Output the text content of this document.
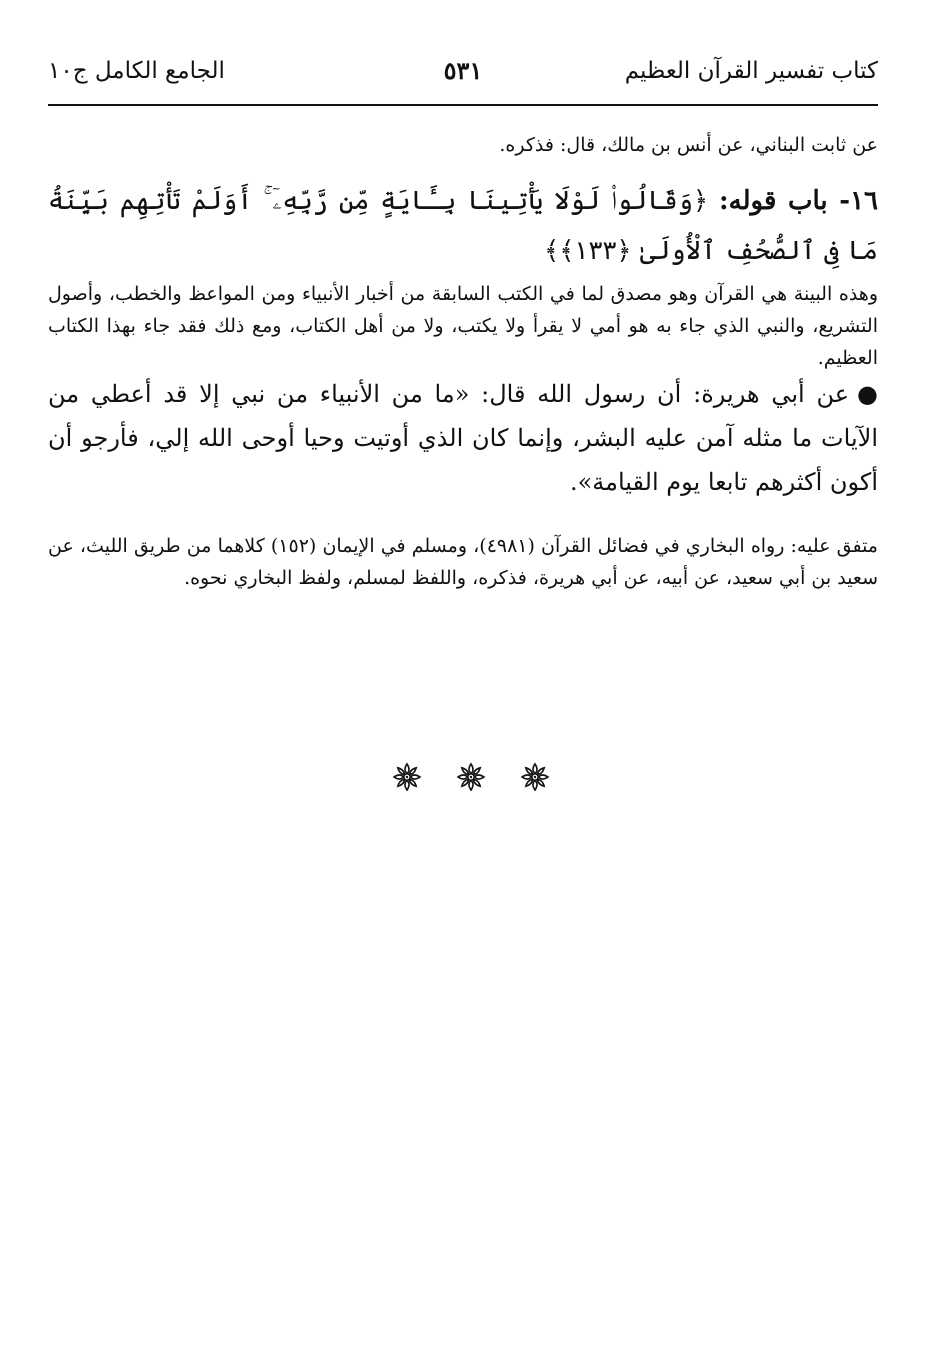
كتاب تفسير القرآن العظيم
٥٣١
الجامع الكامل ج١٠
عن ثابت البناني، عن أنس بن مالك، قال: فذكره.
١٦- باب قوله: ﴿وَقَالُوا۟ لَوْلَا يَأْتِينَا بِـَٔايَةٍ مِّن رَّبِّهِۦٓ ۚ أَوَلَمْ تَأْتِهِم بَيِّنَةُ مَا فِى ٱلصُّحُفِ ٱلْأُولَىٰ ﴿١٣٣﴾﴾
وهذه البينة هي القرآن وهو مصدق لما في الكتب السابقة من أخبار الأنبياء ومن المواعظ والخطب، وأصول التشريع، والنبي الذي جاء به هو أمي لا يقرأ ولا يكتب، ولا من أهل الكتاب، ومع ذلك فقد جاء بهذا الكتاب العظيم.
●عن أبي هريرة: أن رسول الله قال: «ما من الأنبياء من نبي إلا قد أعطي من الآيات ما مثله آمن عليه البشر، وإنما كان الذي أوتيت وحيا أوحى الله إلي، فأرجو أن أكون أكثرهم تابعا يوم القيامة».
متفق عليه: رواه البخاري في فضائل القرآن (٤٩٨١)، ومسلم في الإيمان (١٥٢) كلاهما من طريق الليث، عن سعيد بن أبي سعيد، عن أبيه، عن أبي هريرة، فذكره، واللفظ لمسلم، ولفظ البخاري نحوه.
